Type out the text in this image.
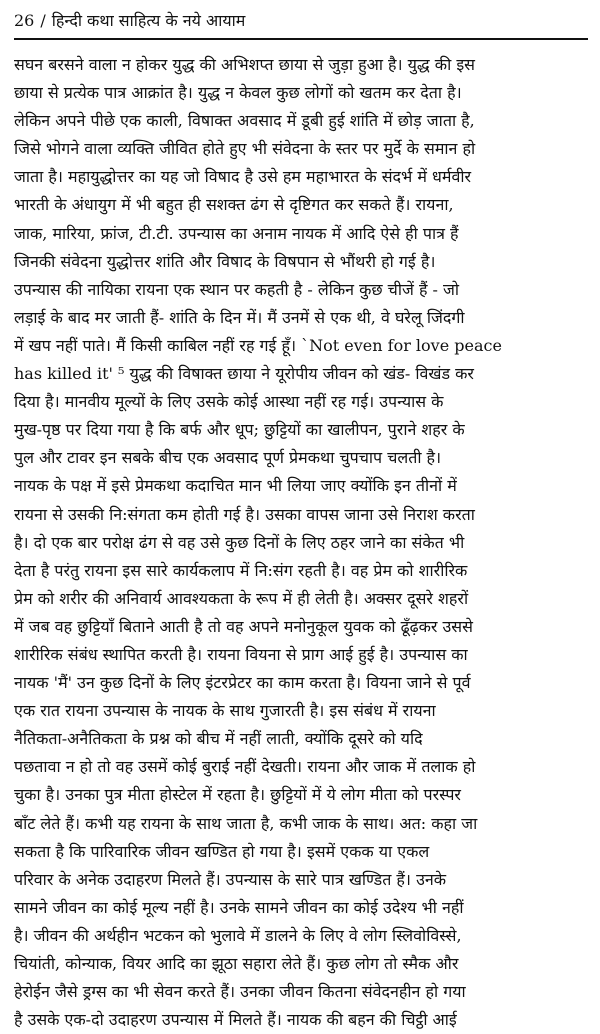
26 / हिन्दी कथा साहित्य के नये आयाम
सघन बरसने वाला न होकर युद्ध की अभिशप्त छाया से जुड़ा हुआ है। युद्ध की इस
छाया से प्रत्येक पात्र आक्रांत है। युद्ध न केवल कुछ लोगों को खतम कर देता है।
लेकिन अपने पीछे एक काली, विषाक्त अवसाद में डूबी हुई शांति में छोड़ जाता है,
जिसे भोगने वाला व्यक्ति जीवित होते हुए भी संवेदना के स्तर पर मुर्दे के समान हो
जाता है। महायुद्धोत्तर का यह जो विषाद है उसे हम महाभारत के संदर्भ में धर्मवीर
भारती के अंधायुग में भी बहुत ही सशक्त ढंग से दृष्टिगत कर सकते हैं। रायना,
जाक, मारिया, फ्रांज, टी.टी. उपन्यास का अनाम नायक में आदि ऐसे ही पात्र हैं
जिनकी संवेदना युद्धोत्तर शांति और विषाद के विषपान से भौंथरी हो गई है।
उपन्यास की नायिका रायना एक स्थान पर कहती है - लेकिन कुछ चीजें हैं - जो
लड़ाई के बाद मर जाती हैं- शांति के दिन में। मैं उनमें से एक थी, वे घरेलू जिंदगी
में खप नहीं पाते। मैं किसी काबिल नहीं रह गई हूँ। `Not even for love peace
has killed it' ⁵ युद्ध की विषाक्त छाया ने यूरोपीय जीवन को खंड- विखंड कर
दिया है। मानवीय मूल्यों के लिए उसके कोई आस्था नहीं रह गई। उपन्यास के
मुख-पृष्ठ पर दिया गया है कि बर्फ और धूप; छुट्टियों का खालीपन, पुराने शहर के
पुल और टावर इन सबके बीच एक अवसाद पूर्ण प्रेमकथा चुपचाप चलती है।
नायक के पक्ष में इसे प्रेमकथा कदाचित मान भी लिया जाए क्योंकि इन तीनों में
रायना से उसकी नि:संगता कम होती गई है। उसका वापस जाना उसे निराश करता
है। दो एक बार परोक्ष ढंग से वह उसे कुछ दिनों के लिए ठहर जाने का संकेत भी
देता है परंतु रायना इस सारे कार्यकलाप में नि:संग रहती है। वह प्रेम को शारीरिक
प्रेम को शरीर की अनिवार्य आवश्यकता के रूप में ही लेती है। अक्सर दूसरे शहरों
में जब वह छुट्टियाँ बिताने आती है तो वह अपने मनोनुकूल युवक को ढूँढ़कर उससे
शारीरिक संबंध स्थापित करती है। रायना वियना से प्राग आई हुई है। उपन्यास का
नायक 'मैं' उन कुछ दिनों के लिए इंटरप्रेटर का काम करता है। वियना जाने से पूर्व
एक रात रायना उपन्यास के नायक के साथ गुजारती है। इस संबंध में रायना
नैतिकता-अनैतिकता के प्रश्न को बीच में नहीं लाती, क्योंकि दूसरे को यदि
पछतावा न हो तो वह उसमें कोई बुराई नहीं देखती। रायना और जाक में तलाक हो
चुका है। उनका पुत्र मीता होस्टेल में रहता है। छुट्टियों में ये लोग मीता को परस्पर
बाँट लेते हैं। कभी यह रायना के साथ जाता है, कभी जाक के साथ। अत: कहा जा
सकता है कि पारिवारिक जीवन खण्डित हो गया है। इसमें एकक या एकल
परिवार के अनेक उदाहरण मिलते हैं। उपन्यास के सारे पात्र खण्डित हैं। उनके
सामने जीवन का कोई मूल्य नहीं है। उनके सामने जीवन का कोई उदेश्य भी नहीं
है। जीवन की अर्थहीन भटकन को भुलावे में डालने के लिए वे लोग स्लिवोविस्से,
चियांती, कोन्याक, वियर आदि का झूठा सहारा लेते हैं। कुछ लोग तो स्मैक और
हेरोईन जैसे ड्रग्स का भी सेवन करते हैं। उनका जीवन कितना संवेदनहीन हो गया
है उसके एक-दो उदाहरण उपन्यास में मिलते हैं। नायक की बहन की चिट्ठी आई
